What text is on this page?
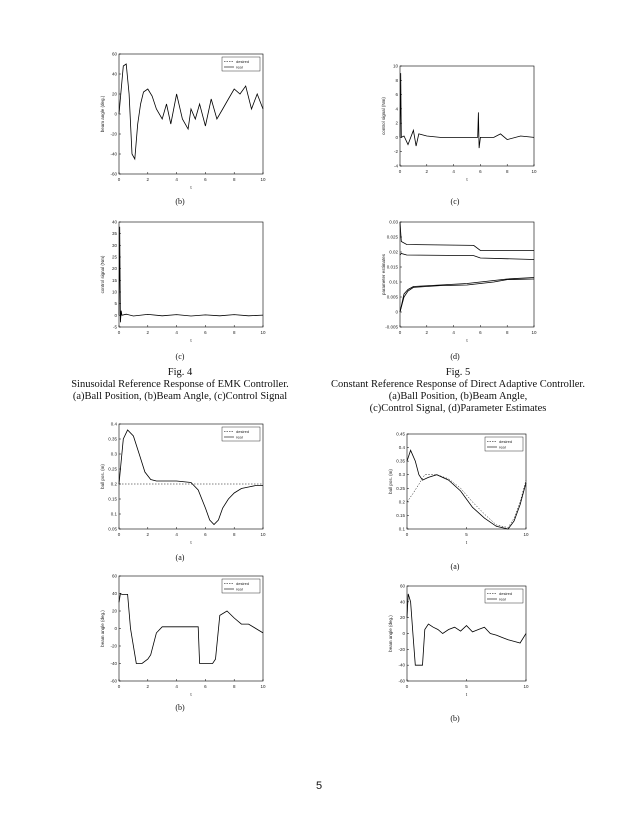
0	2	4	6	8	10
60
40
20
0
-20
-40
-60
t
beam angle (deg.)
desired
real
(b)
0	2	4	6	8	10
40
35
30
25
20
15
10
5
0
-5
t
control signal (Nm)
(c)
Fig. 4
Sinusoidal Reference Response of EMK Controller.
(a)Ball Position, (b)Beam Angle, (c)Control Signal
0	2	4	6	8	10
0.4
0.35
0.3
0.25
0.2
0.15
0.1
0.05
t
ball pos. (m)
desired
real
(a)
0	2	4	6	8	10
60
40
20
0
-20
-40
-60
t
beam angle (deg.)
desired
real
(b)
0	2	4	6	8	10
10
8
6
4
2
0
-2
-4
t
control signal (Nm)
(c)
0	2	4	6	8	10
0.03
0.025
0.02
0.015
0.01
0.005
0
-0.005
t
parameter estimates
(d)
Fig. 5
Constant Reference Response of Direct Adaptive Controller.
(a)Ball Position, (b)Beam Angle,
(c)Control Signal, (d)Parameter Estimates
0	5	10
0.45
0.4
0.35
0.3
0.25
0.2
0.15
0.1
t
ball pos. (m)
desired
real
(a)
0	5	10
60
40
20
0
-20
-40
-60
t
beam angle (deg.)
desired
real
(b)
5
